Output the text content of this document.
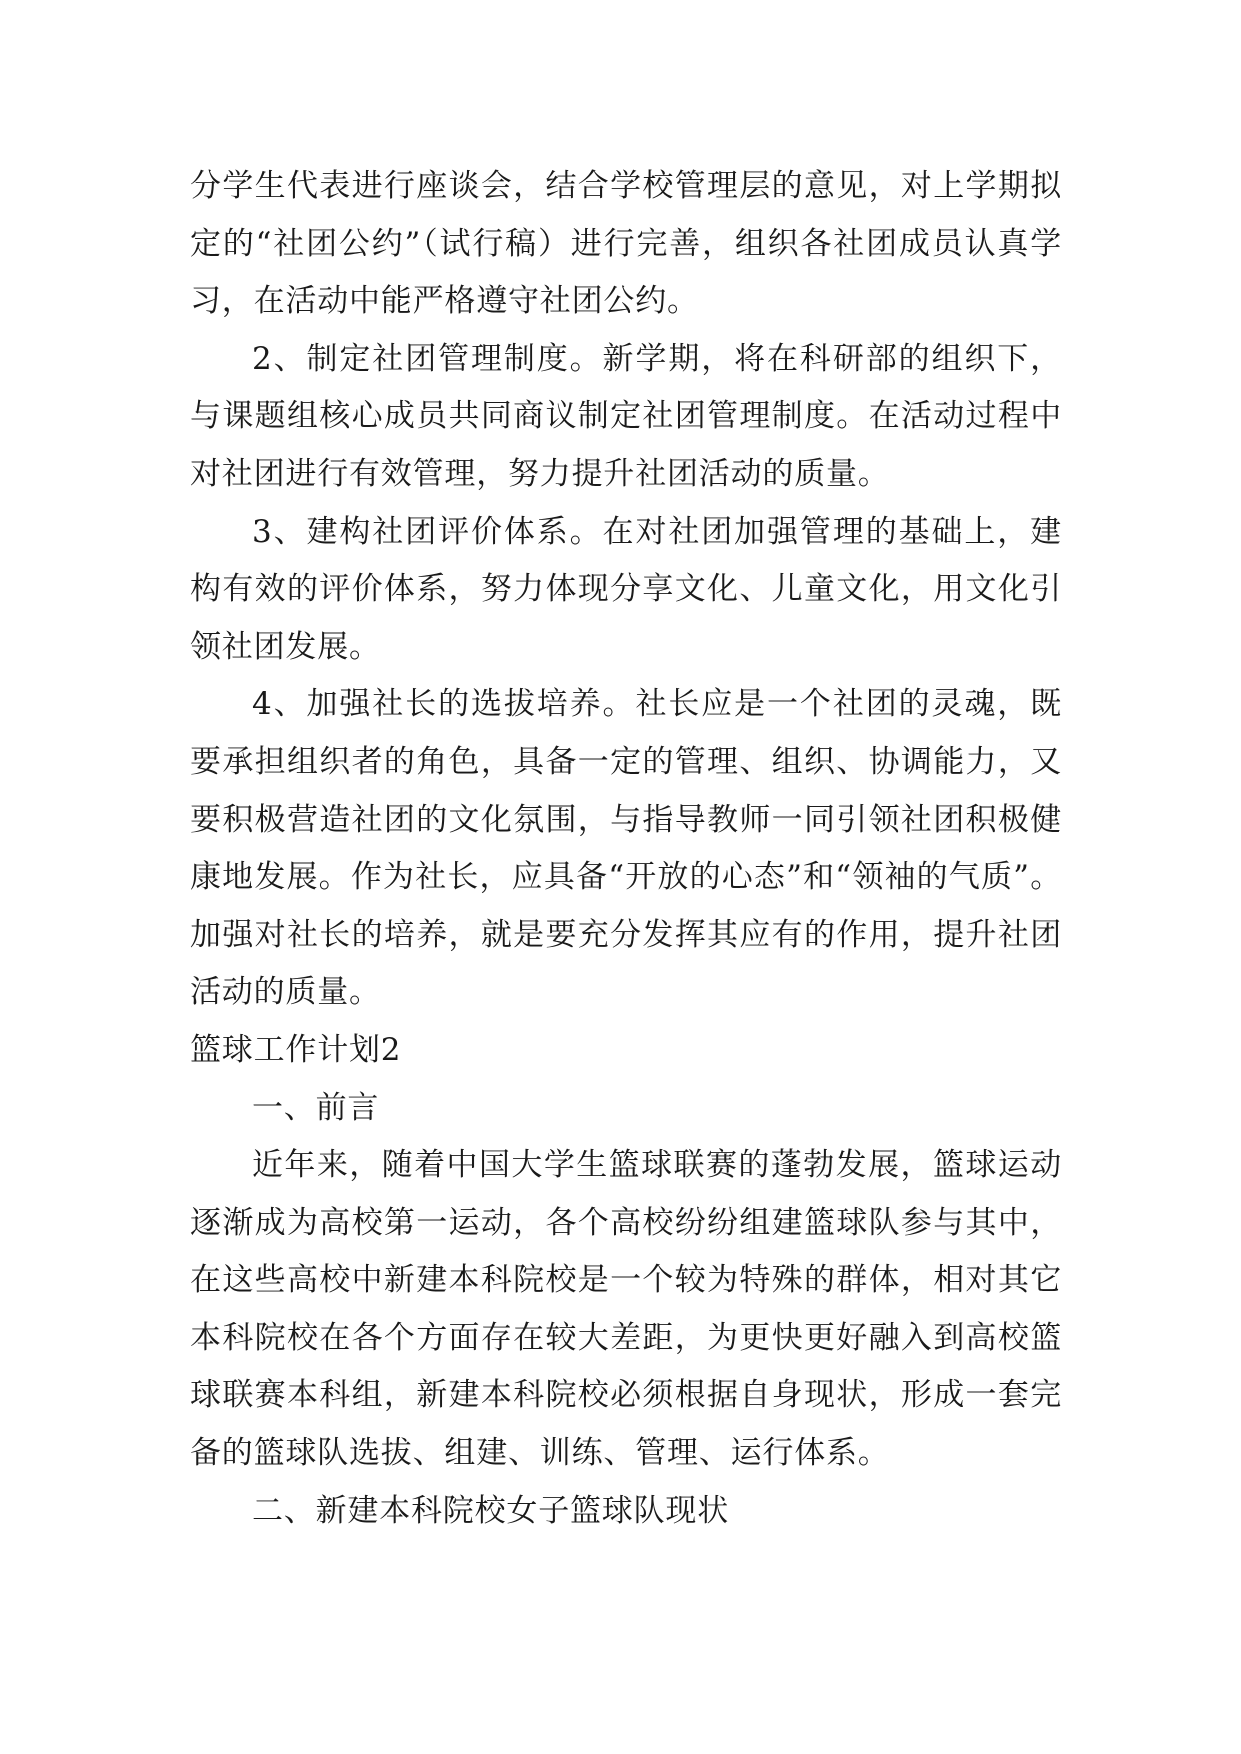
分学生代表进行座谈会，结合学校管理层的意见，对上学期拟定的“社团公约”（试行稿）进行完善，组织各社团成员认真学习，在活动中能严格遵守社团公约。

2、制定社团管理制度。新学期，将在科研部的组织下，与课题组核心成员共同商议制定社团管理制度。在活动过程中对社团进行有效管理，努力提升社团活动的质量。

3、建构社团评价体系。在对社团加强管理的基础上，建构有效的评价体系，努力体现分享文化、儿童文化，用文化引领社团发展。

4、加强社长的选拔培养。社长应是一个社团的灵魂，既要承担组织者的角色，具备一定的管理、组织、协调能力，又要积极营造社团的文化氛围，与指导教师一同引领社团积极健康地发展。作为社长，应具备“开放的心态”和“领袖的气质”。加强对社长的培养，就是要充分发挥其应有的作用，提升社团活动的质量。

篮球工作计划2

一、前言

近年来，随着中国大学生篮球联赛的蓬勃发展，篮球运动逐渐成为高校第一运动，各个高校纷纷组建篮球队参与其中，在这些高校中新建本科院校是一个较为特殊的群体，相对其它本科院校在各个方面存在较大差距，为更快更好融入到高校篮球联赛本科组，新建本科院校必须根据自身现状，形成一套完备的篮球队选拔、组建、训练、管理、运行体系。

二、新建本科院校女子篮球队现状
